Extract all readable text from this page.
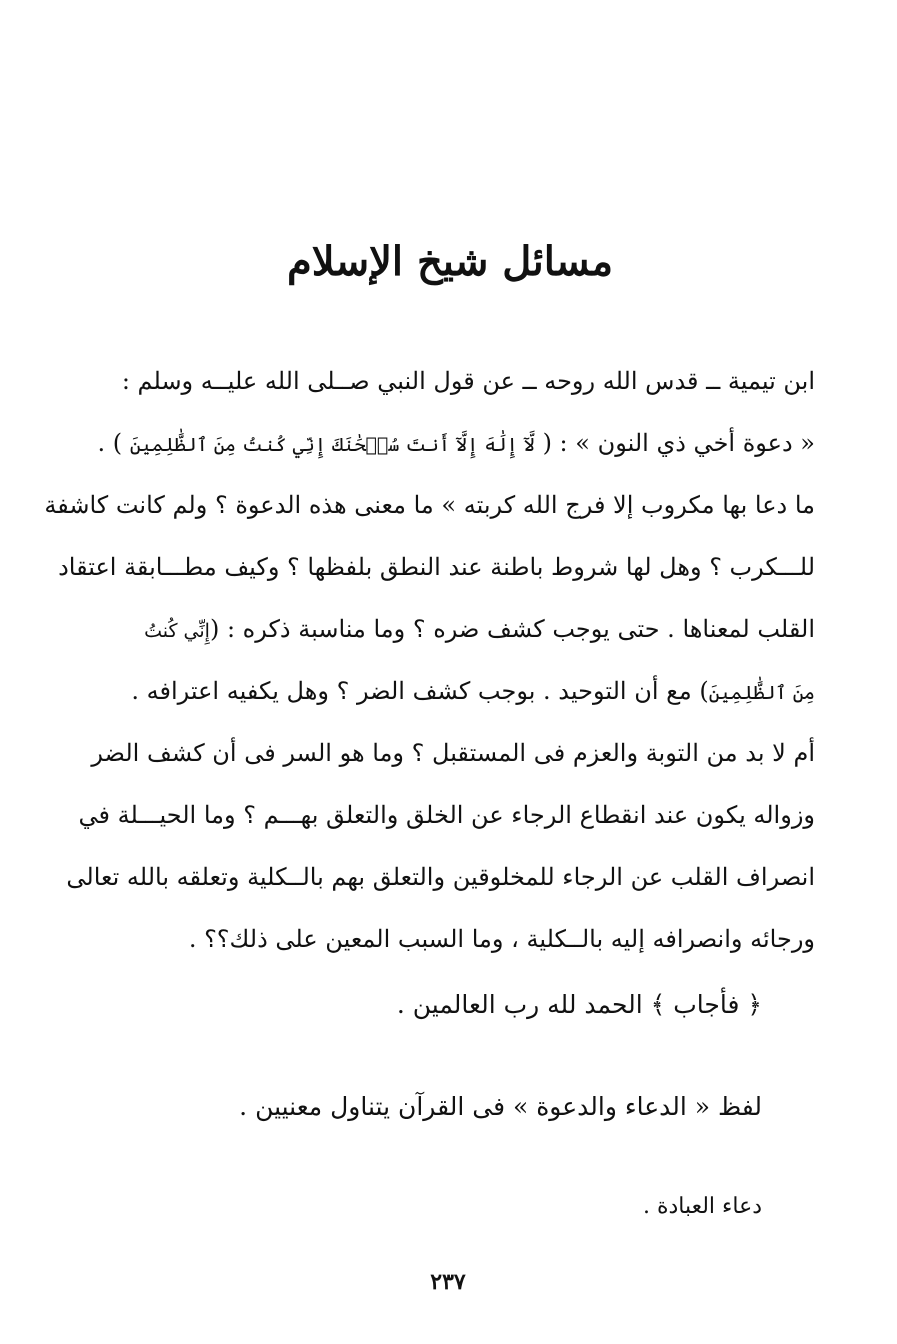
مسائل شيخ الإسلام
ابن تيمية ــ قدس الله روحه ــ عن قول النبي صــلى الله عليــه وسلم :
« دعوة أخي ذي النون » : ( لَّآ إِلَٰهَ إِلَّآ أَنتَ سُبۡحَٰنَكَ إِنِّي كُنتُ مِنَ ٱلظَّٰلِمِينَ ) .
ما دعا بها مكروب إلا فرج الله كربته » ما معنى هذه الدعوة ؟ ولم كانت كاشفة
للـــكرب ؟ وهل لها شروط باطنة عند النطق بلفظها ؟ وكيف مطـــابقة اعتقاد
القلب لمعناها . حتى يوجب كشف ضره ؟ وما مناسبة ذكره : (إِنِّي كُنتُ
مِنَ ٱلظَّٰلِمِينَ) مع أن التوحيد . بوجب كشف الضر ؟ وهل يكفيه اعترافه .
أم لا بد من التوبة والعزم فى المستقبل ؟ وما هو السر فى أن كشف الضر
وزواله يكون عند انقطاع الرجاء عن الخلق والتعلق بهـــم ؟ وما الحيـــلة في
انصراف القلب عن الرجاء للمخلوقين والتعلق بهم بالــكلية وتعلقه بالله تعالى
ورجائه وانصرافه إليه بالــكلية ، وما السبب المعين على ذلك؟؟ .
﴿ فأجاب ﴾ الحمد لله رب العالمين .
لفظ « الدعاء والدعوة » فى القرآن يتناول معنيين .
دعاء العبادة .
٢٣٧
